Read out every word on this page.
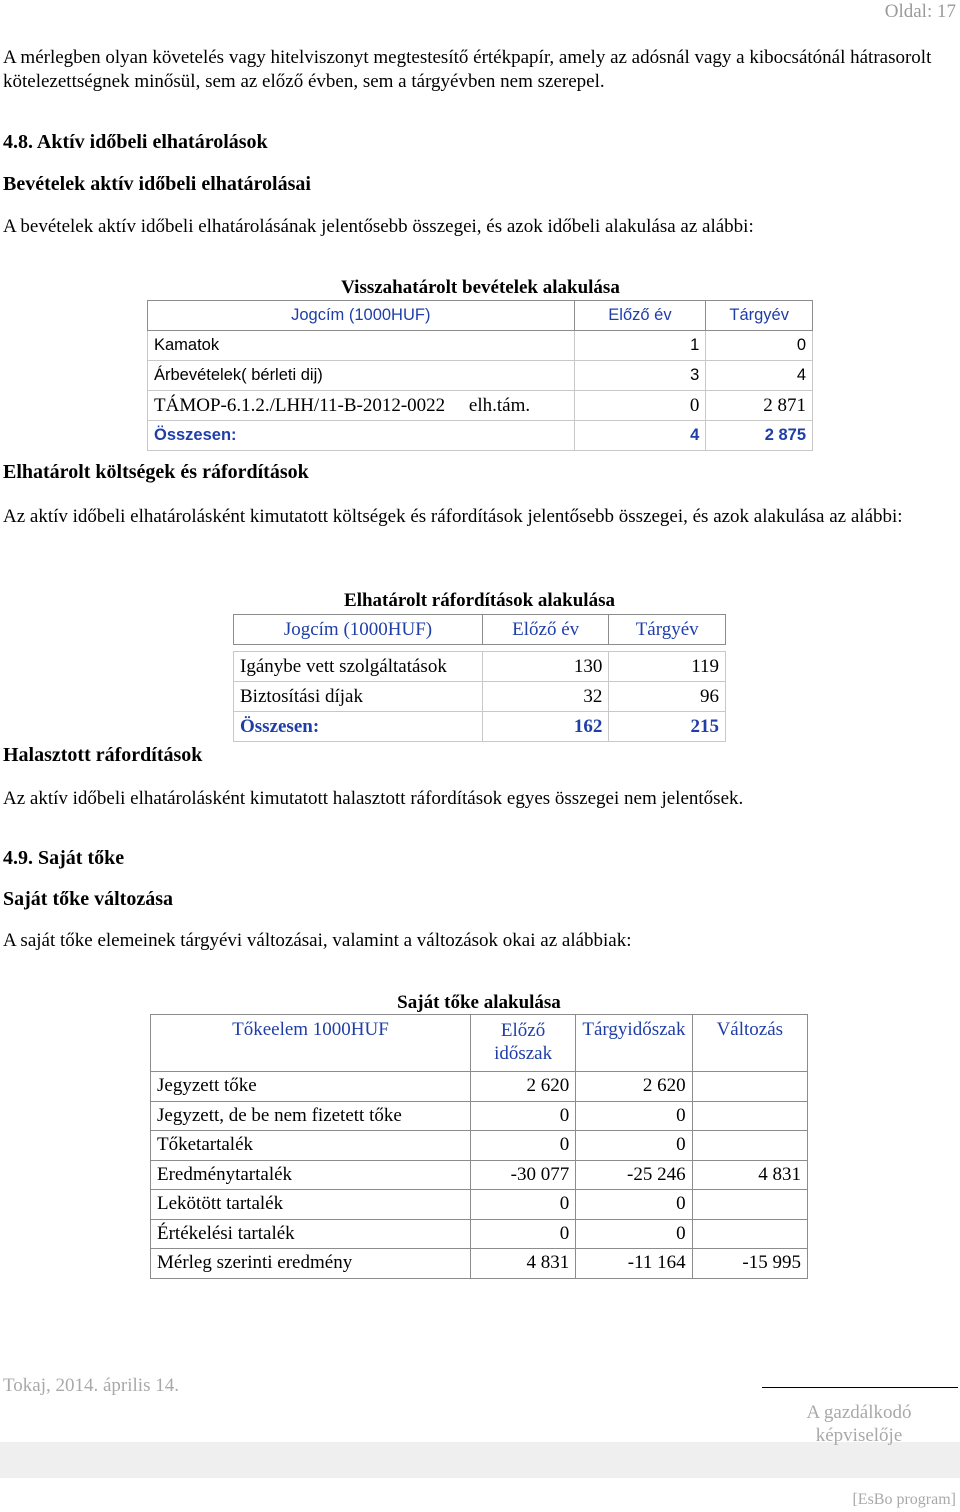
Oldal: 17
A mérlegben olyan követelés vagy hitelviszonyt megtestesítő értékpapír, amely az adósnál vagy a kibocsátónál hátrasorolt kötelezettségnek minősül, sem az előző évben, sem a tárgyévben nem szerepel.
4.8. Aktív időbeli elhatárolások
Bevételek aktív időbeli elhatárolásai
A bevételek aktív időbeli elhatárolásának jelentősebb összegei, és azok időbeli alakulása az alábbi:
Visszahatárolt bevételek alakulása
Jogcím (1000HUF)	Előző év	Tárgyév
Kamatok	1	0
Árbevételek( bérleti dij)	3	4
TÁMOP-6.1.2./LHH/11-B-2012-0022     elh.tám.	0	2 871
Összesen:	4	2 875
Elhatárolt költségek és ráfordítások
Az aktív időbeli elhatárolásként kimutatott költségek és ráfordítások jelentősebb összegei, és azok alakulása az alábbi:
Elhatárolt ráfordítások alakulása
Jogcím (1000HUF)	Előző év	Tárgyév

Igánybe vett szolgáltatások	130	119
Biztosítási díjak	32	96
Összesen:	162	215
Halasztott ráfordítások
Az aktív időbeli elhatárolásként kimutatott halasztott ráfordítások egyes összegei nem jelentősek.
4.9. Saját tőke
Saját tőke változása
A saját tőke elemeinek tárgyévi változásai, valamint a változások okai az alábbiak:
Saját tőke alakulása
Tőkeelem 1000HUF	Előző időszak	Tárgyidőszak	Változás
Jegyzett tőke	2 620	2 620	
Jegyzett, de be nem fizetett tőke	0	0	
Tőketartalék	0	0	
Eredménytartalék	-30 077	-25 246	4 831
Lekötött tartalék	0	0	
Értékelési tartalék	0	0	
Mérleg szerinti eredmény	4 831	-11 164	-15 995
Tokaj, 2014. április 14.
A gazdálkodó képviselője
[EsBo program]
